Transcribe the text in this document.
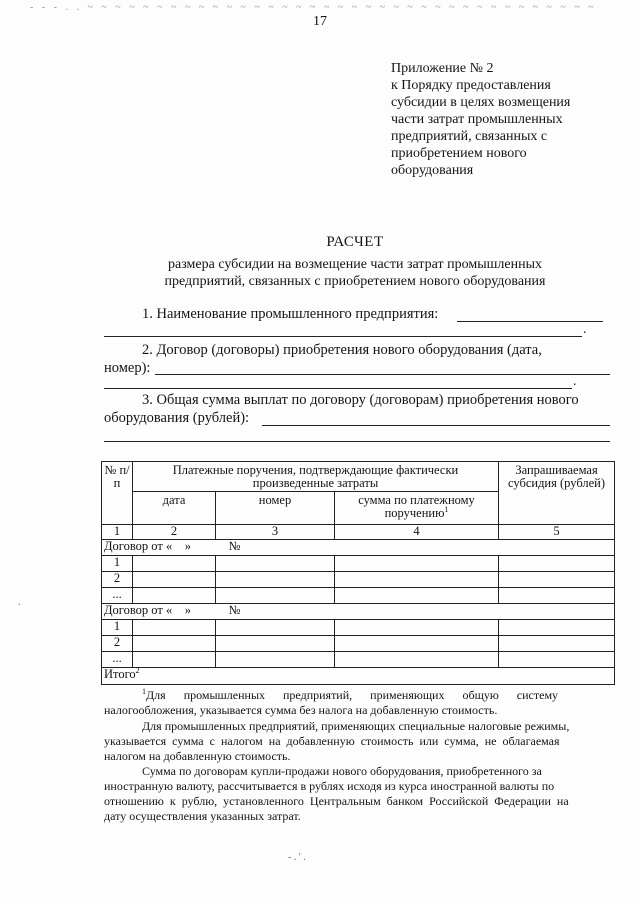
- - - . . ~ ~ ~ ~ ~ ~ ~ ~ ~ ~ ~ ~ ~ ~ ~ ~ ~ ~ ~ ~ ~ ~ ~ ~ ~ ~ ~ ~ ~ ~ ~ ~ ~ ~ ~ ~ ~
17
Приложение № 2
к Порядку предоставления
субсидии в целях возмещения
части затрат промышленных
предприятий, связанных с
приобретением нового
оборудования
РАСЧЕТ
размера субсидии на возмещение части затрат промышленных
предприятий, связанных с приобретением нового оборудования
1. Наименование промышленного предприятия:
.
2. Договор (договоры) приобретения нового оборудования (дата,
номер):
.
3. Общая сумма выплат по договору (договорам) приобретения нового
оборудования (рублей):
№ п/п	Платежные поручения, подтверждающие фактически произведенные затраты			Запрашиваемая субсидия (рублей)
	дата	номер	сумма по платежному поручению$^1$
1	2	3	4	5
Договор от «    »            №				
1				
2				
...				
Договор от «    »            №				
1				
2				
...				
Итого$^2$
$^1$Для      промышленных      предприятий,      применяющих      общую      систему
налогообложения, указывается сумма без налога на добавленную стоимость.
Для промышленных предприятий, применяющих специальные налоговые режимы,
указывается  сумма  с  налогом  на  добавленную  стоимость  или  сумма,  не  облагаемая
налогом на добавленную стоимость.
Сумма по договорам купли-продажи нового оборудования, приобретенного за
иностранную валюту, рассчитывается в рублях исходя из курса иностранной валюты по
отношению  к  рублю,  установленного  Центральным  банком  Российской  Федерации  на
дату осуществления указанных затрат.
- . ' .
.
